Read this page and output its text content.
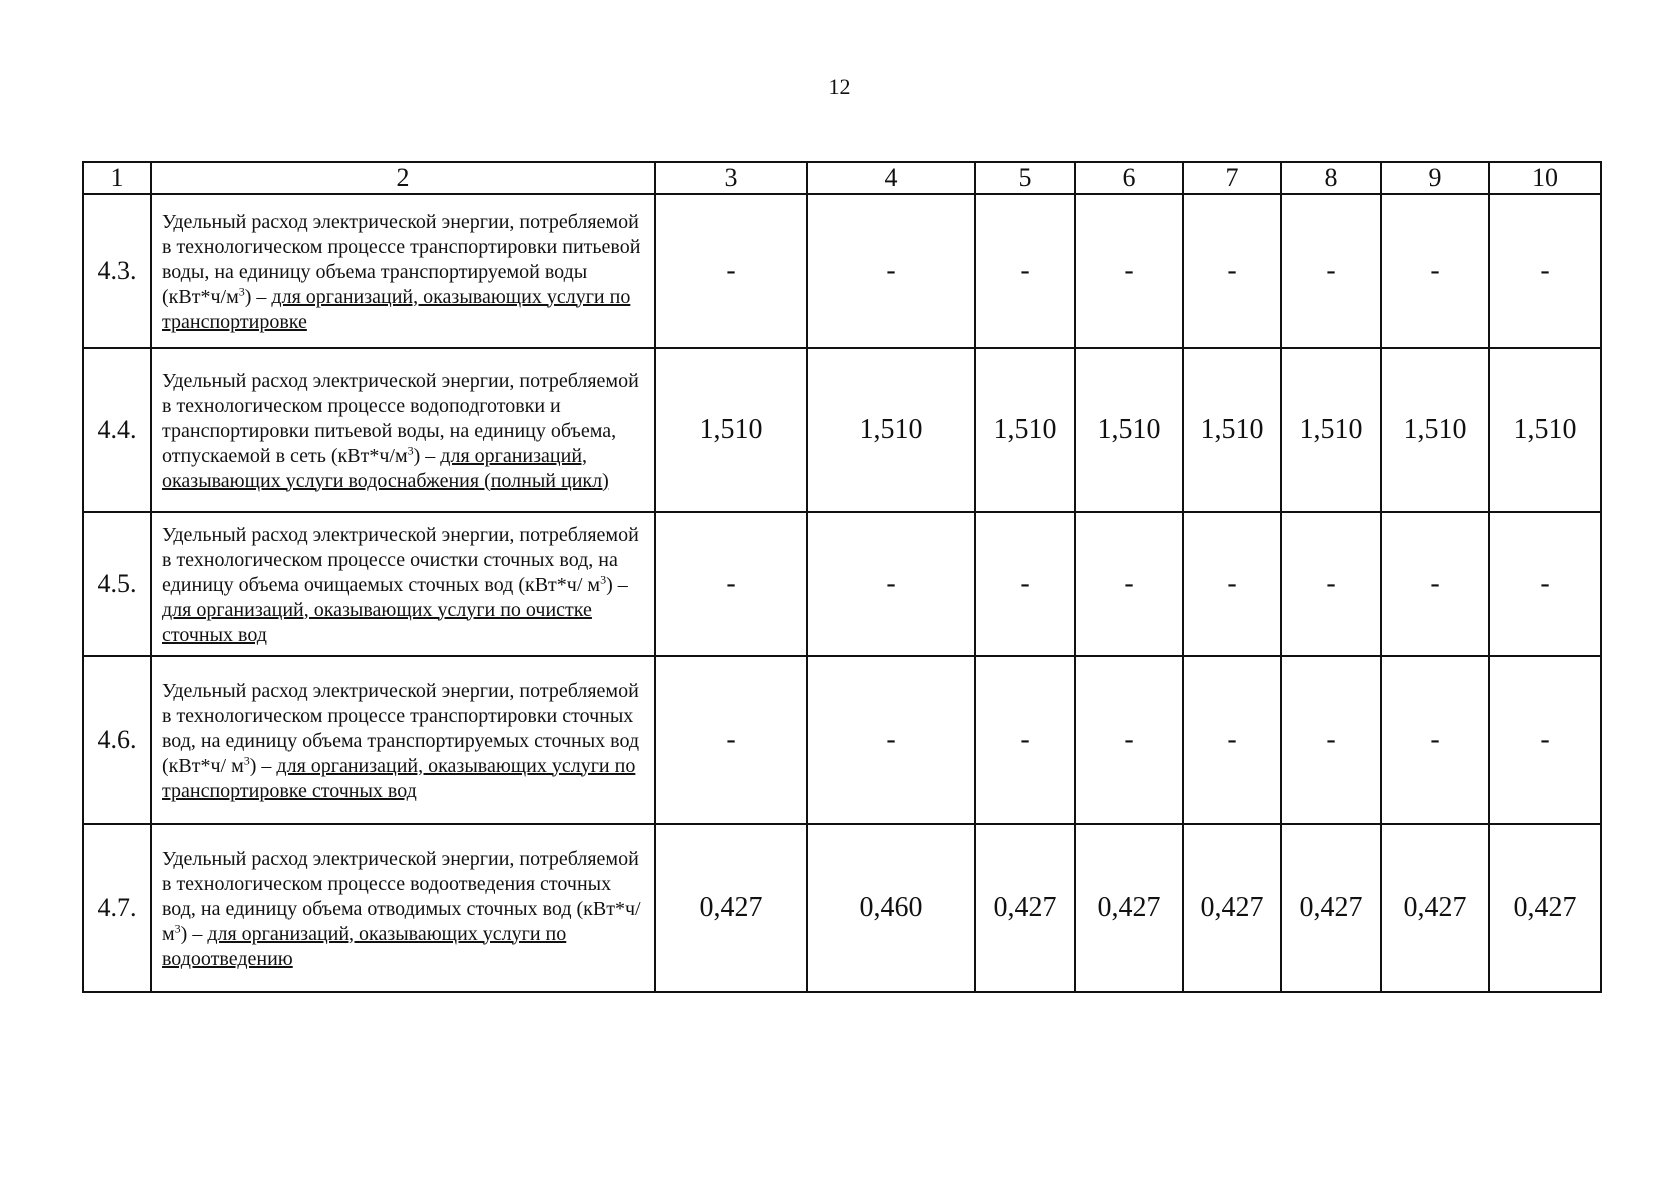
12
1	2	3	4	5	6	7	8	9	10
4.3.	Удельный расход электрической энергии, потребляемой в технологическом процессе транспортировки питьевой воды, на единицу объема транспортируемой воды $(кВт*ч/м^3)$ – для организаций, оказывающих услуги по транспортировке	-	-	-	-	-	-	-	-
4.4.	Удельный расход электрической энергии, потребляемой в технологическом процессе водоподготовки и транспортировки питьевой воды, на единицу объема, отпускаемой в сеть $(кВт*ч/м^3)$ – для организаций, оказывающих услуги водоснабжения (полный цикл)	1,510	1,510	1,510	1,510	1,510	1,510	1,510	1,510
4.5.	Удельный расход электрической энергии, потребляемой в технологическом процессе очистки сточных вод, на единицу объема очищаемых сточных вод (кВт*ч/ $м^3$) – для организаций, оказывающих услуги по очистке сточных вод	-	-	-	-	-	-	-	-
4.6.	Удельный расход электрической энергии, потребляемой в технологическом процессе транспортировки сточных вод, на единицу объема транспортируемых сточных вод (кВт*ч/ $м^3$) – для организаций, оказывающих услуги по транспортировке сточных вод	-	-	-	-	-	-	-	-
4.7.	Удельный расход электрической энергии, потребляемой в технологическом процессе водоотведения сточных вод, на единицу объема отводимых сточных вод (кВт*ч/ $м^3$) – для организаций, оказывающих услуги по водоотведению	0,427	0,460	0,427	0,427	0,427	0,427	0,427	0,427
